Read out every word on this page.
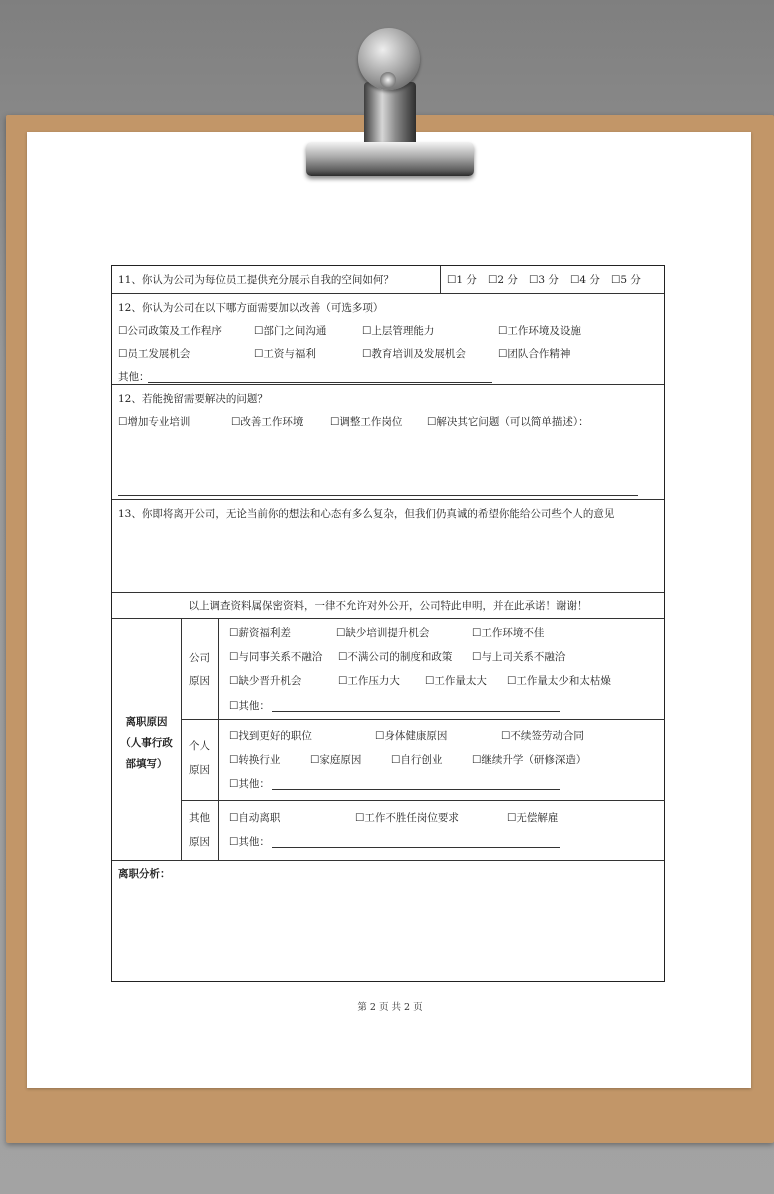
11、你认为公司为每位员工提供充分展示自我的空间如何？	☐1 分 ☐2 分 ☐3 分 ☐4 分 ☐5 分
12、你认为公司在以下哪方面需要加以改善（可选多项）
☐公司政策及工作程序	☐部门之间沟通	☐上层管理能力	☐工作环境及设施
☐员工发展机会	☐工资与福利	☐教育培训及发展机会	☐团队合作精神
其他：
12、若能挽留需要解决的问题？
☐增加专业培训	☐改善工作环境	☐调整工作岗位 ☐解决其它问题（可以简单描述）：
13、你即将离开公司，无论当前你的想法和心态有多么复杂，但我们仍真诚的希望你能给公司些个人的意见
以上调查资料属保密资料，一律不允许对外公开，公司特此申明，并在此承诺！谢谢！
离职原因
（人事行政
部填写）
公司
原因
☐薪资福利差	☐缺少培训提升机会	☐工作环境不佳
☐与同事关系不融洽 ☐不满公司的制度和政策 ☐与上司关系不融洽
☐缺少晋升机会	☐工作压力大 ☐工作量太大 ☐工作量太少和太枯燥
☐其他：
个人
原因
☐找到更好的职位	☐身体健康原因	☐不续签劳动合同
☐转换行业	☐家庭原因	☐自行创业	☐继续升学（研修深造）
☐其他：
其他
原因
☐自动离职	☐工作不胜任岗位要求	☐无偿解雇
☐其他：
离职分析：
第 2 页 共 2 页
